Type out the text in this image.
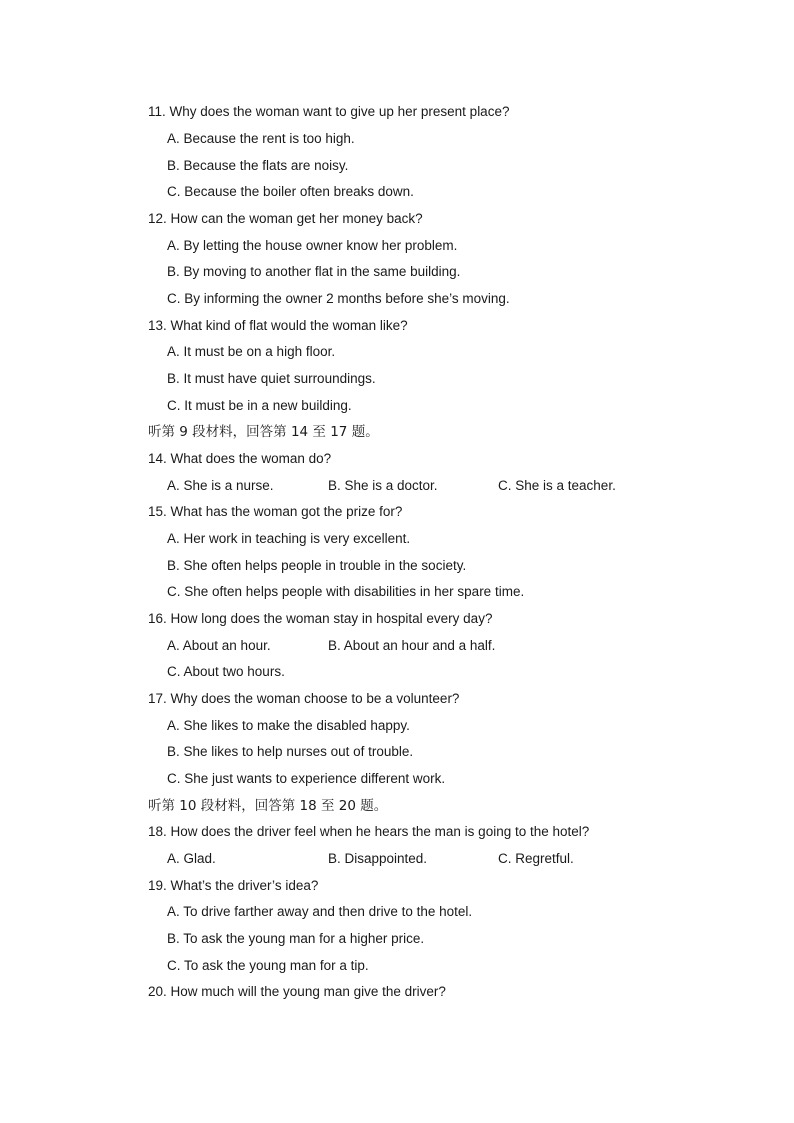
11. Why does the woman want to give up her present place?
A. Because the rent is too high.
B. Because the flats are noisy.
C. Because the boiler often breaks down.
12. How can the woman get her money back?
A. By letting the house owner know her problem.
B. By moving to another flat in the same building.
C. By informing the owner 2 months before she’s moving.
13. What kind of flat would the woman like?
A. It must be on a high floor.
B. It must have quiet surroundings.
C. It must be in a new building.
听第 9 段材料，回答第 14 至 17 题。
14. What does the woman do?
A. She is a nurse.	B. She is a doctor.	C. She is a teacher.
15. What has the woman got the prize for?
A. Her work in teaching is very excellent.
B. She often helps people in trouble in the society.
C. She often helps people with disabilities in her spare time.
16. How long does the woman stay in hospital every day?
A. About an hour.	B. About an hour and a half.
C. About two hours.
17. Why does the woman choose to be a volunteer?
A. She likes to make the disabled happy.
B. She likes to help nurses out of trouble.
C. She just wants to experience different work.
听第 10 段材料，回答第 18 至 20 题。
18. How does the driver feel when he hears the man is going to the hotel?
A. Glad.	B. Disappointed.	C. Regretful.
19. What’s the driver’s idea?
A. To drive farther away and then drive to the hotel.
B. To ask the young man for a higher price.
C. To ask the young man for a tip.
20. How much will the young man give the driver?
